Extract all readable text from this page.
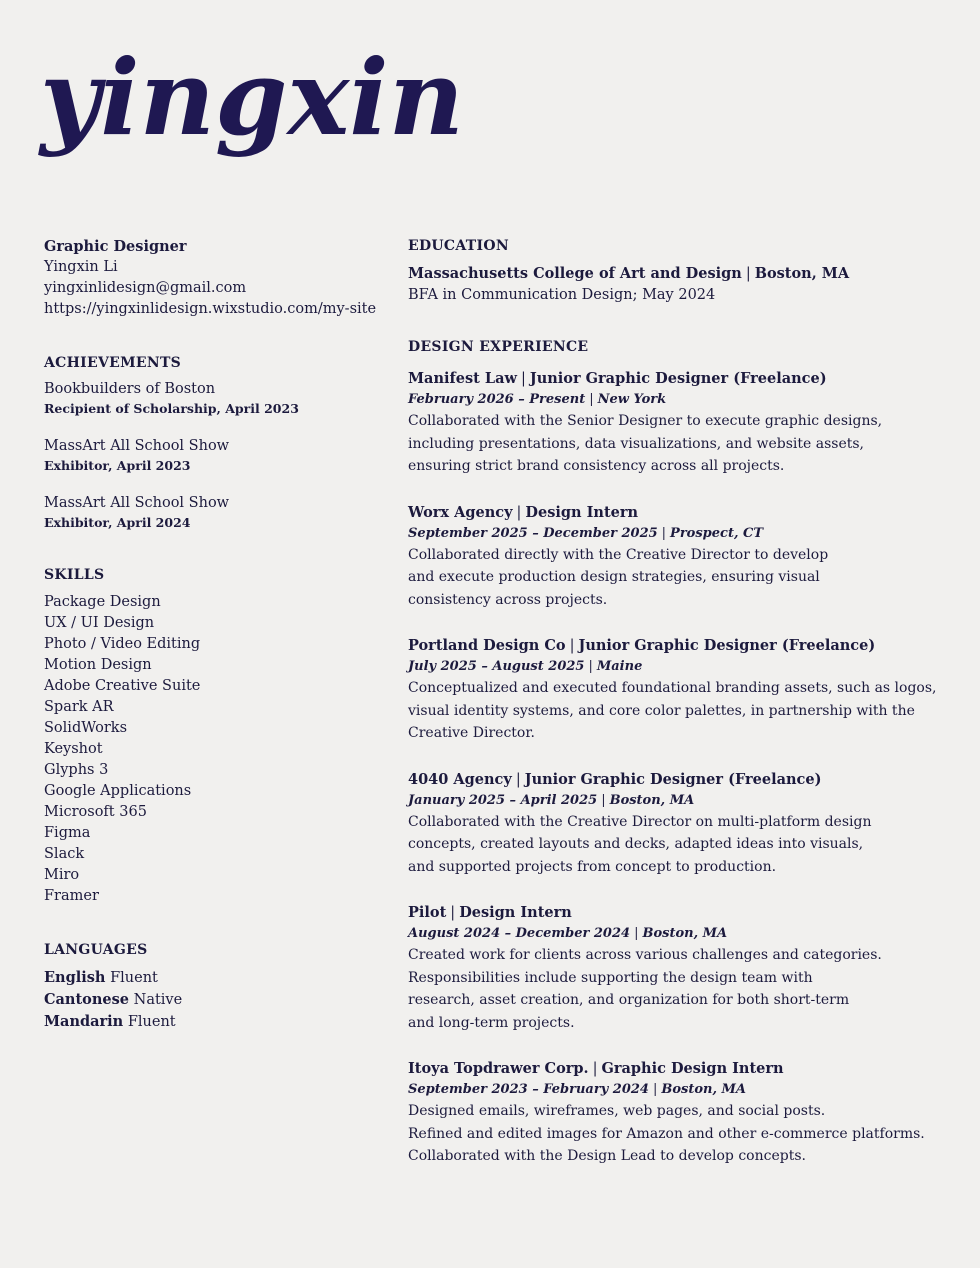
yingxin
Graphic Designer
Yingxin Li
yingxinlidesign@gmail.com
https://yingxinlidesign.wixstudio.com/my-site
ACHIEVEMENTS
Bookbuilders of Boston
Recipient of Scholarship, April 2023
MassArt All School Show
Exhibitor, April 2023
MassArt All School Show
Exhibitor, April 2024
SKILLS
Package Design
UX / UI Design
Photo / Video Editing
Motion Design
Adobe Creative Suite
Spark AR
SolidWorks
Keyshot
Glyphs 3
Google Applications
Microsoft 365
Figma
Slack
Miro
Framer
LANGUAGES
English Fluent
Cantonese Native
Mandarin Fluent
EDUCATION
Massachusetts College of Art and Design | Boston, MA
BFA in Communication Design; May 2024
DESIGN EXPERIENCE
Manifest Law | Junior Graphic Designer (Freelance)
February 2026 – Present | New York
Collaborated with the Senior Designer to execute graphic designs,
including presentations, data visualizations, and website assets,
ensuring strict brand consistency across all projects.
Worx Agency | Design Intern
September 2025 – December 2025 | Prospect, CT
Collaborated directly with the Creative Director to develop
and execute production design strategies, ensuring visual
consistency across projects.
Portland Design Co | Junior Graphic Designer (Freelance)
July 2025 – August 2025 | Maine
Conceptualized and executed foundational branding assets, such as logos,
visual identity systems, and core color palettes, in partnership with the
Creative Director.
4040 Agency | Junior Graphic Designer (Freelance)
January 2025 – April 2025 | Boston, MA
Collaborated with the Creative Director on multi-platform design
concepts, created layouts and decks, adapted ideas into visuals,
and supported projects from concept to production.
Pilot | Design Intern
August 2024 – December 2024 | Boston, MA
Created work for clients across various challenges and categories.
Responsibilities include supporting the design team with
research, asset creation, and organization for both short-term
and long-term projects.
Itoya Topdrawer Corp. | Graphic Design Intern
September 2023 – February 2024 | Boston, MA
Designed emails, wireframes, web pages, and social posts.
Refined and edited images for Amazon and other e-commerce platforms.
Collaborated with the Design Lead to develop concepts.
